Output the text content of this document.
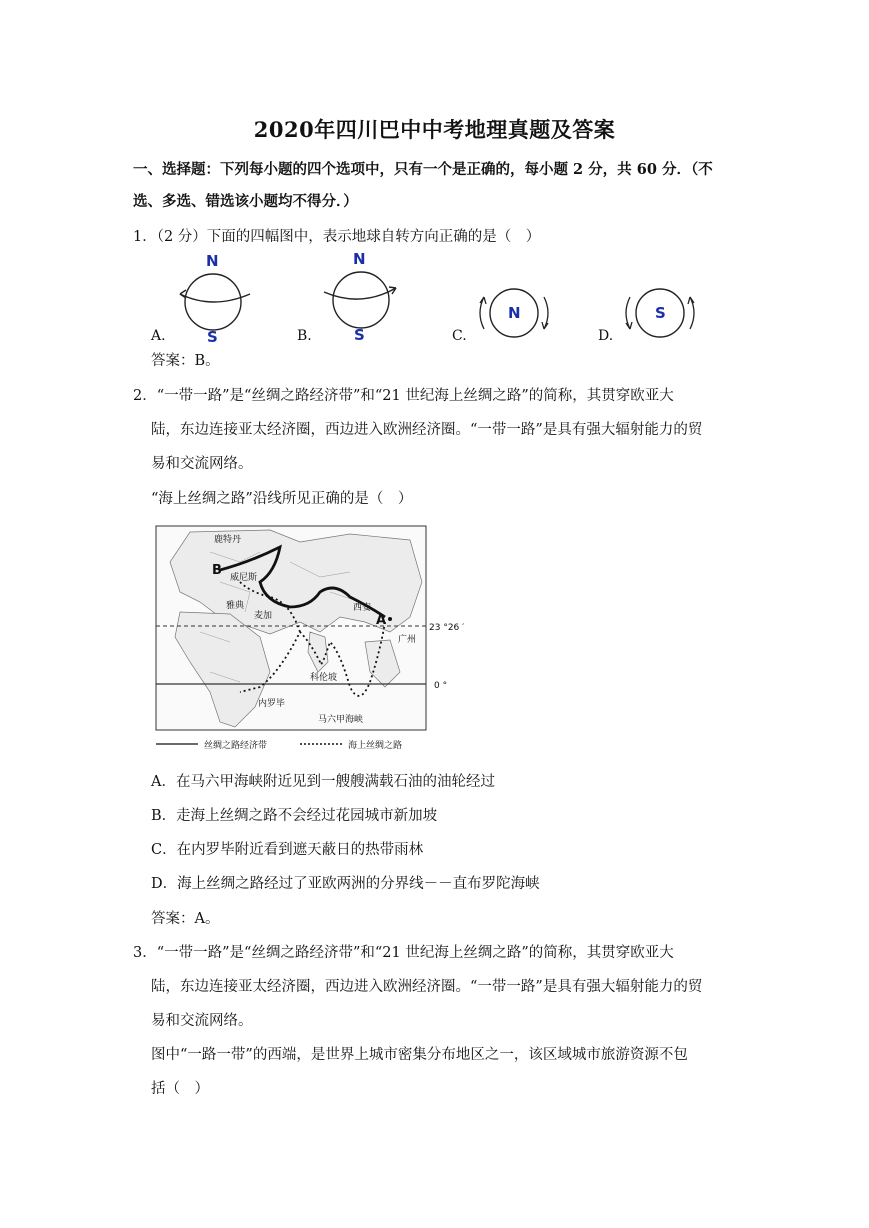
2020年四川巴中中考地理真题及答案
一、选择题：下列每小题的四个选项中，只有一个是正确的，每小题 2 分，共 60 分．（不
选、多选、错选该小题均不得分．）
1．（2 分）下面的四幅图中，表示地球自转方向正确的是（　）
N
S
A.
N
S
B.
N
C.
S
D.
答案：B。
2．“一带一路”是“丝绸之路经济带”和“21 世纪海上丝绸之路”的简称，其贯穿欧亚大
陆，东边连接亚太经济圈，西边进入欧洲经济圈。“一带一路”是具有强大辐射能力的贸
易和交流网络。
“海上丝绸之路”沿线所见正确的是（　）
23 °26 ′
0 °
鹿特丹
B 威尼斯
雅典
麦加
西安
A
广州
科伦坡
内罗毕
马六甲海峡
丝绸之路经济带	海上丝绸之路
A．在马六甲海峡附近见到一艘艘满载石油的油轮经过
B．走海上丝绸之路不会经过花园城市新加坡
C．在内罗毕附近看到遮天蔽日的热带雨林
D．海上丝绸之路经过了亚欧两洲的分界线－－直布罗陀海峡
答案：A。
3．“一带一路”是“丝绸之路经济带”和“21 世纪海上丝绸之路”的简称，其贯穿欧亚大
陆，东边连接亚太经济圈，西边进入欧洲经济圈。“一带一路”是具有强大辐射能力的贸
易和交流网络。
图中“一路一带”的西端，是世界上城市密集分布地区之一，该区域城市旅游资源不包
括（　）
